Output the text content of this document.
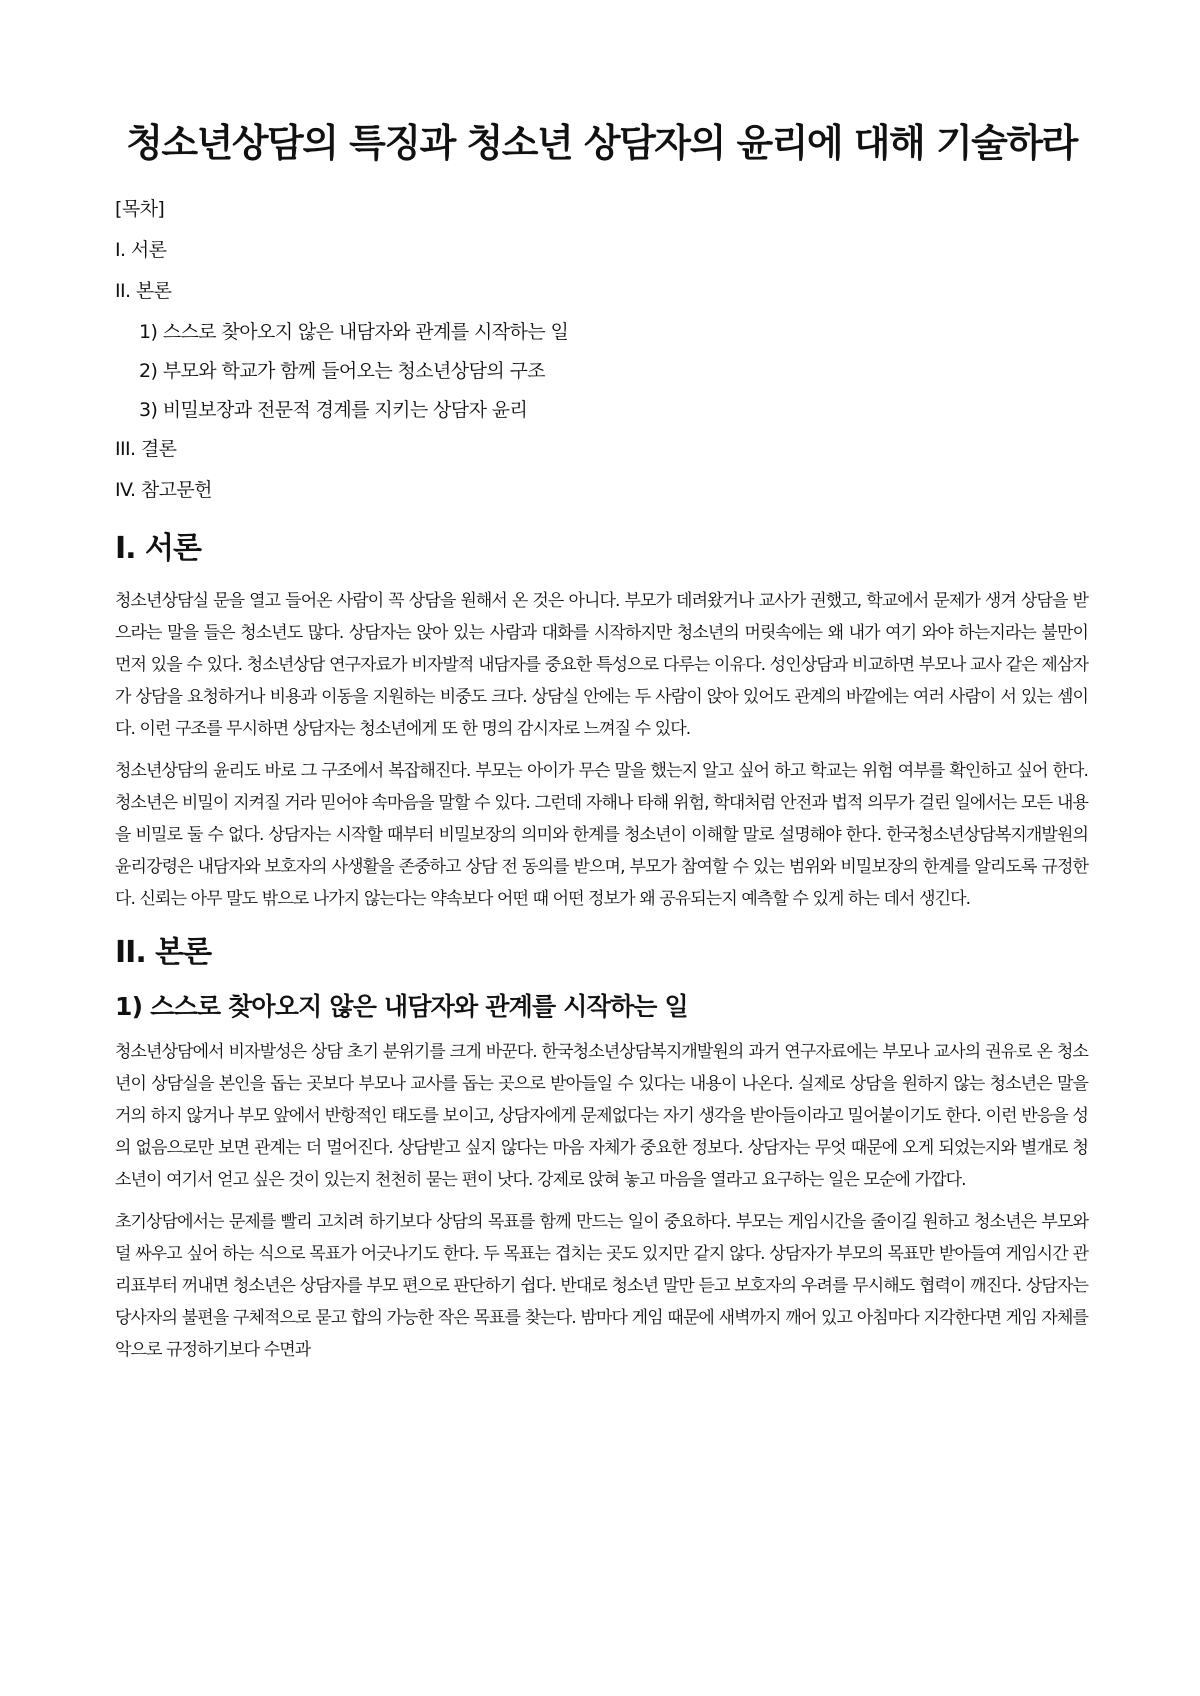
청소년상담의 특징과 청소년 상담자의 윤리에 대해 기술하라
[목차]
I. 서론
II. 본론
1) 스스로 찾아오지 않은 내담자와 관계를 시작하는 일
2) 부모와 학교가 함께 들어오는 청소년상담의 구조
3) 비밀보장과 전문적 경계를 지키는 상담자 윤리
III. 결론
IV. 참고문헌
I. 서론

청소년상담실 문을 열고 들어온 사람이 꼭 상담을 원해서 온 것은 아니다. 부모가 데려왔거나 교사가 권했고, 학교에서 문제가 생겨 상담을 받으라는 말을 들은 청소년도 많다. 상담자는 앉아 있는 사람과 대화를 시작하지만 청소년의 머릿속에는 왜 내가 여기 와야 하는지라는 불만이 먼저 있을 수 있다. 청소년상담 연구자료가 비자발적 내담자를 중요한 특성으로 다루는 이유다. 성인상담과 비교하면 부모나 교사 같은 제삼자가 상담을 요청하거나 비용과 이동을 지원하는 비중도 크다. 상담실 안에는 두 사람이 앉아 있어도 관계의 바깥에는 여러 사람이 서 있는 셈이다. 이런 구조를 무시하면 상담자는 청소년에게 또 한 명의 감시자로 느껴질 수 있다.

청소년상담의 윤리도 바로 그 구조에서 복잡해진다. 부모는 아이가 무슨 말을 했는지 알고 싶어 하고 학교는 위험 여부를 확인하고 싶어 한다. 청소년은 비밀이 지켜질 거라 믿어야 속마음을 말할 수 있다. 그런데 자해나 타해 위험, 학대처럼 안전과 법적 의무가 걸린 일에서는 모든 내용을 비밀로 둘 수 없다. 상담자는 시작할 때부터 비밀보장의 의미와 한계를 청소년이 이해할 말로 설명해야 한다. 한국청소년상담복지개발원의 윤리강령은 내담자와 보호자의 사생활을 존중하고 상담 전 동의를 받으며, 부모가 참여할 수 있는 범위와 비밀보장의 한계를 알리도록 규정한다. 신뢰는 아무 말도 밖으로 나가지 않는다는 약속보다 어떤 때 어떤 정보가 왜 공유되는지 예측할 수 있게 하는 데서 생긴다.

II. 본론
1) 스스로 찾아오지 않은 내담자와 관계를 시작하는 일

청소년상담에서 비자발성은 상담 초기 분위기를 크게 바꾼다. 한국청소년상담복지개발원의 과거 연구자료에는 부모나 교사의 권유로 온 청소년이 상담실을 본인을 돕는 곳보다 부모나 교사를 돕는 곳으로 받아들일 수 있다는 내용이 나온다. 실제로 상담을 원하지 않는 청소년은 말을 거의 하지 않거나 부모 앞에서 반항적인 태도를 보이고, 상담자에게 문제없다는 자기 생각을 받아들이라고 밀어붙이기도 한다. 이런 반응을 성의 없음으로만 보면 관계는 더 멀어진다. 상담받고 싶지 않다는 마음 자체가 중요한 정보다. 상담자는 무엇 때문에 오게 되었는지와 별개로 청소년이 여기서 얻고 싶은 것이 있는지 천천히 묻는 편이 낫다. 강제로 앉혀 놓고 마음을 열라고 요구하는 일은 모순에 가깝다.

초기상담에서는 문제를 빨리 고치려 하기보다 상담의 목표를 함께 만드는 일이 중요하다. 부모는 게임시간을 줄이길 원하고 청소년은 부모와 덜 싸우고 싶어 하는 식으로 목표가 어긋나기도 한다. 두 목표는 겹치는 곳도 있지만 같지 않다. 상담자가 부모의 목표만 받아들여 게임시간 관리표부터 꺼내면 청소년은 상담자를 부모 편으로 판단하기 쉽다. 반대로 청소년 말만 듣고 보호자의 우려를 무시해도 협력이 깨진다. 상담자는 당사자의 불편을 구체적으로 묻고 합의 가능한 작은 목표를 찾는다. 밤마다 게임 때문에 새벽까지 깨어 있고 아침마다 지각한다면 게임 자체를 악으로 규정하기보다 수면과
